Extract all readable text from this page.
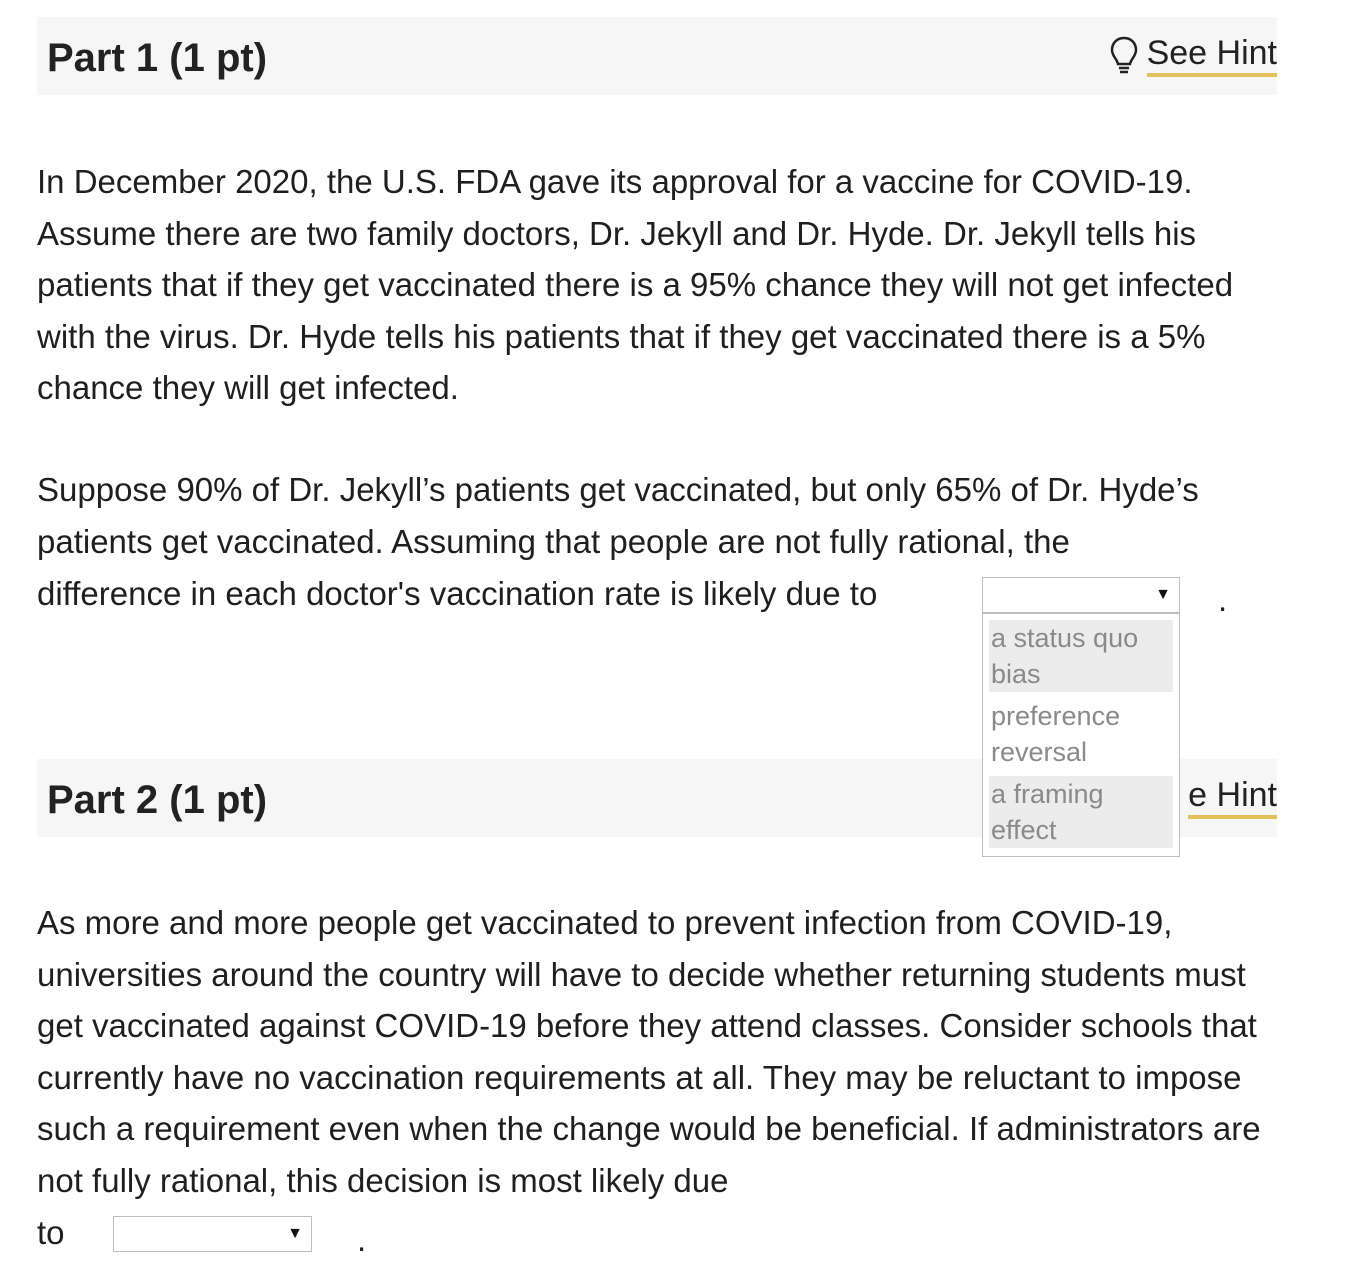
Part 1 (1 pt)	See Hint
In December 2020, the U.S. FDA gave its approval for a vaccine for COVID-19. Assume there are two family doctors, Dr. Jekyll and Dr. Hyde. Dr. Jekyll tells his patients that if they get vaccinated there is a 95% chance they will not get infected with the virus. Dr. Hyde tells his patients that if they get vaccinated there is a 5% chance they will get infected.
Suppose 90% of Dr. Jekyll’s patients get vaccinated, but only 65% of Dr. Hyde’s patients get vaccinated. Assuming that people are not fully rational, the
difference in each doctor's vaccination rate is likely due to	▼ .
Part 2 (1 pt)	e Hint
a status quo bias
preference reversal
a framing effect
As more and more people get vaccinated to prevent infection from COVID-19, universities around the country will have to decide whether returning students must get vaccinated against COVID-19 before they attend classes. Consider schools that currently have no vaccination requirements at all. They may be reluctant to impose such a requirement even when the change would be beneficial. If administrators are not fully rational, this decision is most likely due
to	▼ .
